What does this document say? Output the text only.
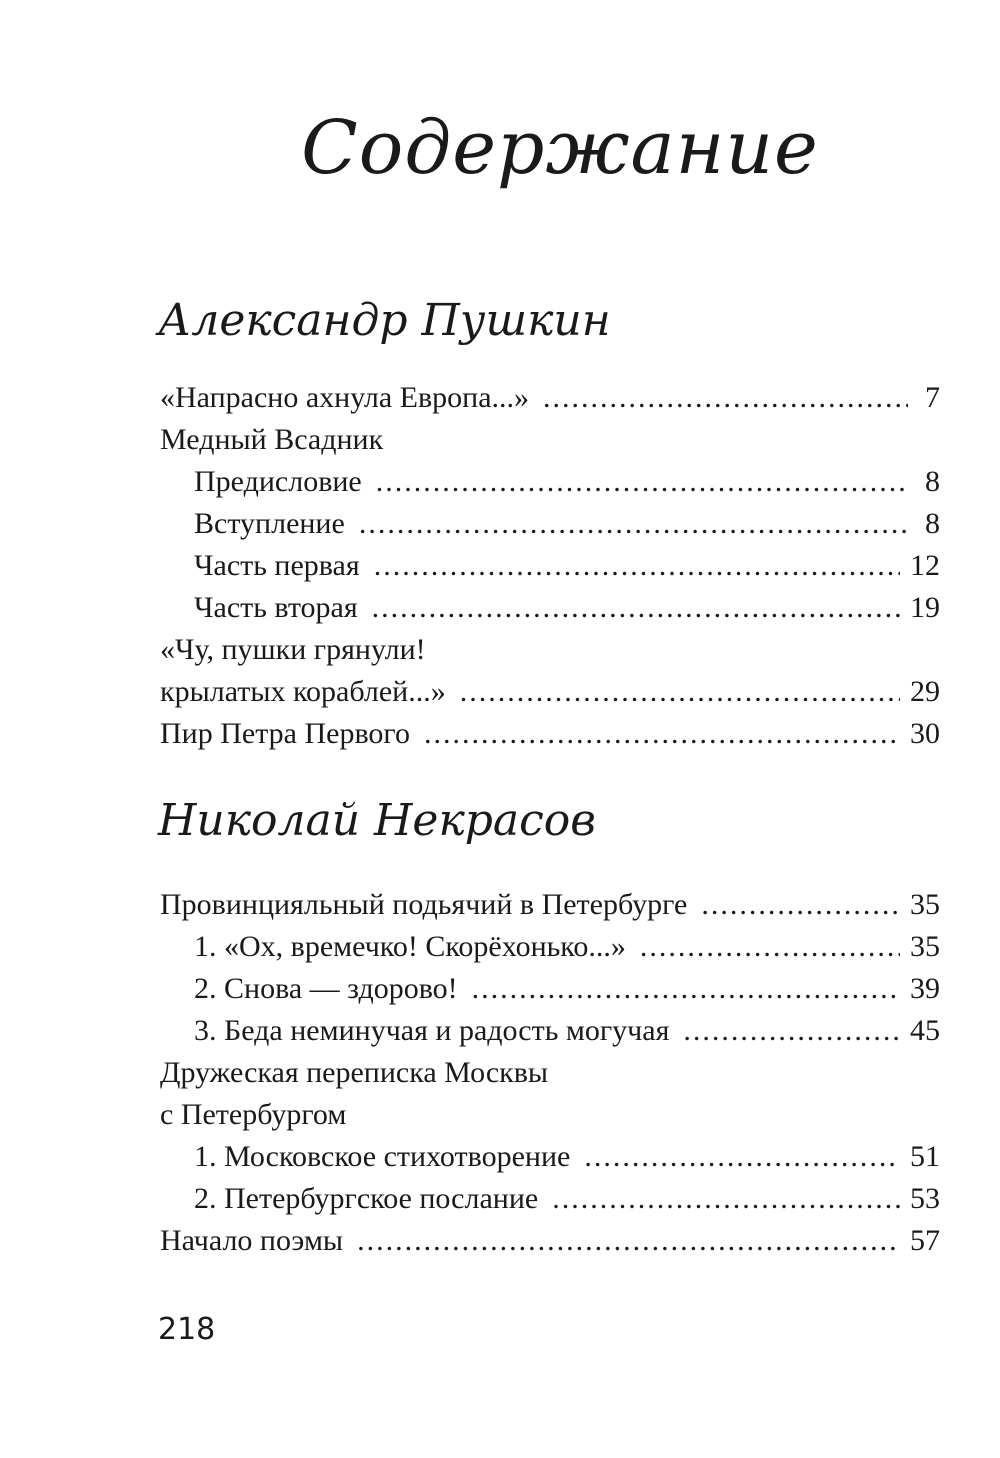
Содержание
Александр Пушкин
«Напрасно ахнула Европа...» .....	7
Медный Всадник
Предисловие .....	8
Вступление .....	8
Часть первая .....	12
Часть вторая .....	19
«Чу, пушки грянули!
крылатых кораблей...» .....	29
Пир Петра Первого .....	30
Николай Некрасов
Провинцияльный подьячий в Петербурге .....	35
1. «Ох, времечко! Скорёхонько...» .....	35
2. Снова — здорово! .....	39
3. Беда неминучая и радость могучая .....	45
Дружеская переписка Москвы
с Петербургом
1. Московское стихотворение .....	51
2. Петербургское послание .....	53
Начало поэмы .....	57
218
